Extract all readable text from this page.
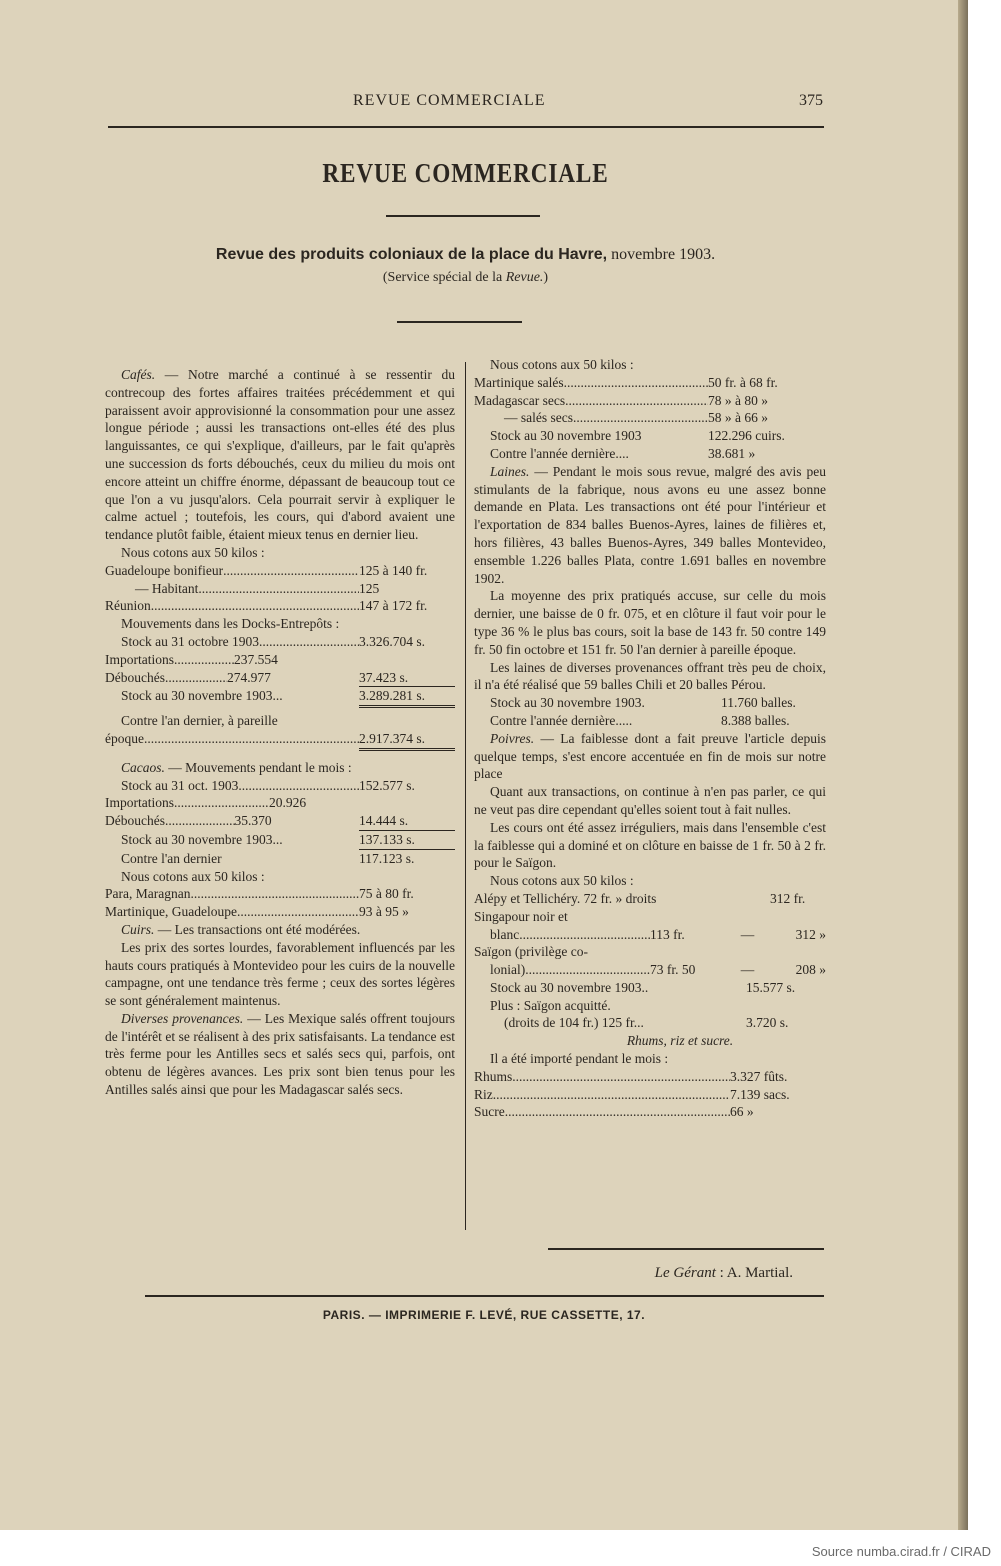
REVUE COMMERCIALE	375
REVUE COMMERCIALE
Revue des produits coloniaux de la place du Havre, novembre 1903.
(Service spécial de la Revue.)

Cafés. — Notre marché a continué à se ressentir du contrecoup des fortes affaires traitées précédemment et qui paraissent avoir approvisionné la consommation pour une assez longue période ; aussi les transactions ont-elles été des plus languissantes, ce qui s'explique, d'ailleurs, par le fait qu'après une succession ds forts débouchés, ceux du milieu du mois ont encore atteint un chiffre énorme, dépassant de beaucoup tout ce que l'on a vu jusqu'alors. Cela pourrait servir à expliquer le calme actuel ; toutefois, les cours, qui d'abord avaient une tendance plutôt faible, étaient mieux tenus en dernier lieu.

Nous cotons aux 50 kilos :
Guadeloupe bonifieur .....	125 à 140 fr.
— Habitant .....	125
Réunion .....	147 à 172 fr.
Mouvements dans les Docks-Entrepôts :
Stock au 31 octobre 1903 .....	3.326.704 s.
Importations .....	237.554
Débouchés .....	274.977	37.423 s.
Stock au 30 novembre 1903...	3.289.281 s.
Contre l'an dernier, à pareille
époque .....	2.917.374 s.

Cacaos. — Mouvements pendant le mois :

Stock au 31 oct. 1903 .....	152.577 s.
Importations .....	20.926
Débouchés .....	35.370	14.444 s.
Stock au 30 novembre 1903...	137.133 s.
Contre l'an dernier	117.123 s.
Nous cotons aux 50 kilos :
Para, Maragnan .....	75 à 80 fr.
Martinique, Guadeloupe .....	93 à 95 »

Cuirs. — Les transactions ont été modérées.

Les prix des sortes lourdes, favorablement influencés par les hauts cours pratiqués à Montevideo pour les cuirs de la nouvelle campagne, ont une tendance très ferme ; ceux des sortes légères se sont généralement maintenus.

Diverses provenances. — Les Mexique salés offrent toujours de l'intérêt et se réalisent à des prix satisfaisants. La tendance est très ferme pour les Antilles secs et salés secs qui, parfois, ont obtenu de légères avances. Les prix sont bien tenus pour les Antilles salés ainsi que pour les Madagascar salés secs.

Nous cotons aux 50 kilos :
Martinique salés .....	50 fr. à 68 fr.
Madagascar secs .....	78 » à 80 »
— salés secs .....	58 » à 66 »
Stock au 30 novembre 1903	122.296 cuirs.
Contre l'année dernière....	38.681 »

Laines. — Pendant le mois sous revue, malgré des avis peu stimulants de la fabrique, nous avons eu une assez bonne demande en Plata. Les transactions ont été pour l'intérieur et l'exportation de 834 balles Buenos-Ayres, laines de filières et, hors filières, 43 balles Buenos-Ayres, 349 balles Montevideo, ensemble 1.226 balles Plata, contre 1.691 balles en novembre 1902.

La moyenne des prix pratiqués accuse, sur celle du mois dernier, une baisse de 0 fr. 075, et en clôture il faut voir pour le type 36 % le plus bas cours, soit la base de 143 fr. 50 contre 149 fr. 50 fin octobre et 151 fr. 50 l'an dernier à pareille époque.

Les laines de diverses provenances offrant très peu de choix, il n'a été réalisé que 59 balles Chili et 20 balles Pérou.

Stock au 30 novembre 1903.	11.760 balles.
Contre l'année dernière.....	8.388 balles.

Poivres. — La faiblesse dont a fait preuve l'article depuis quelque temps, s'est encore accentuée en fin de mois sur notre place

Quant aux transactions, on continue à n'en pas parler, ce qui ne veut pas dire cependant qu'elles soient tout à fait nulles.

Les cours ont été assez irréguliers, mais dans l'ensemble c'est la faiblesse qui a dominé et on clôture en baisse de 1 fr. 50 à 2 fr. pour le Saïgon.

Nous cotons aux 50 kilos :
Alépy et Tellichéry. 72 fr. » droits	312 fr.
Singapour noir et
blanc .....	113 fr.	—	312 »
Saïgon (privilège co-
lonial) .....	73 fr. 50	—	208 »
Stock au 30 novembre 1903..	15.577 s.
Plus : Saïgon acquitté.
(droits de 104 fr.) 125 fr...	3.720 s.
Rhums, riz et sucre.
Il a été importé pendant le mois :
Rhums .....	3.327 fûts.
Riz .....	7.139 sacs.
Sucre .....	66 »
Le Gérant : A. Martial.
PARIS. — IMPRIMERIE F. LEVÉ, RUE CASSETTE, 17.
Source numba.cirad.fr / CIRAD
